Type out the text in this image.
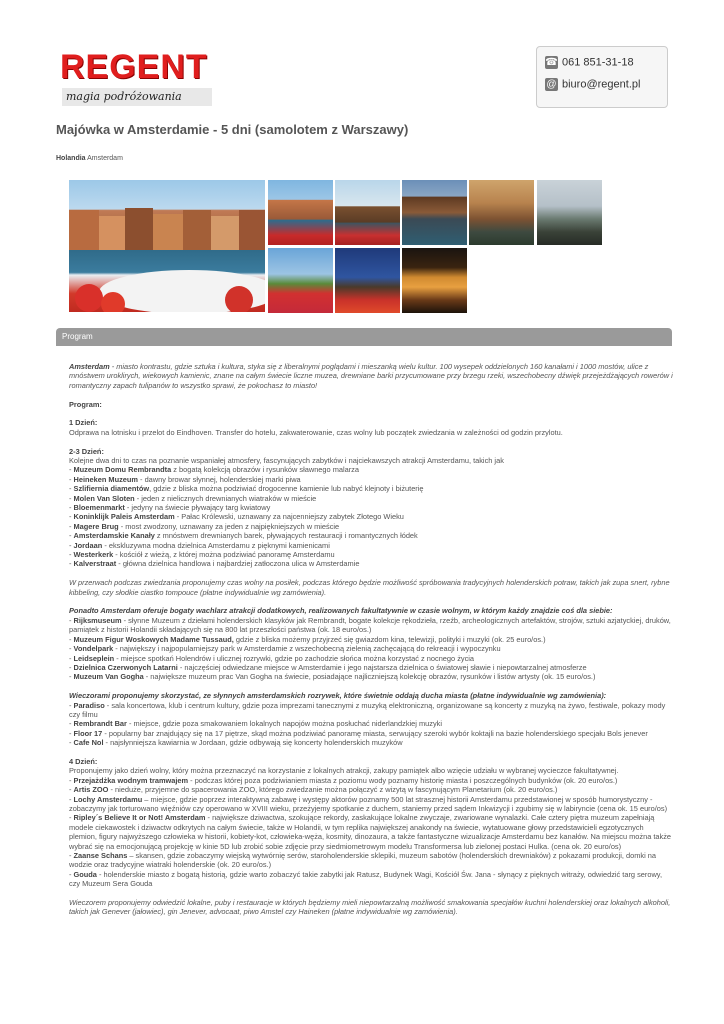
REGENT
magia podróżowania
☎ 061 851-31-18
@ biuro@regent.pl
Majówka w Amsterdamie - 5 dni (samolotem z Warszawy)
Holandia Amsterdam
Program

Amsterdam - miasto kontrastu, gdzie sztuka i kultura, styka się z liberalnymi poglądami i mieszanką wielu kultur. 100 wysepek oddzielonych 160 kanałami i 1000 mostów, ulice z mnóstwem uroklirych, wiekowych kamienic, znane na całym świecie liczne muzea, drewniane barki przycumowane przy brzegu rzeki, wszechobecny dźwięk przejeżdżających rowerów i romantyczny zapach tulipanów to wszystko sprawi, że pokochasz to miasto!

Program:

1 Dzień:

Odprawa na lotnisku i przelot do Eindhoven. Transfer do hotelu, zakwaterowanie, czas wolny lub początek zwiedzania w zależności od godzin przylotu.

2-3 Dzień:

Kolejne dwa dni to czas na poznanie wspaniałej atmosfery, fascynujących zabytków i najciekawszych atrakcji Amsterdamu, takich jak

- Muzeum Domu Rembrandta z bogatą kolekcją obrazów i rysunków sławnego malarza

- Heineken Muzeum - dawny browar słynnej, holenderskiej marki piwa

- Szlifiernia diamentów, gdzie z bliska można podziwiać drogocenne kamienie lub nabyć klejnoty i biżuterię

- Molen Van Sloten - jeden z nielicznych drewnianych wiatraków w mieście

- Bloemenmarkt - jedyny na świecie pływający targ kwiatowy

- Koninklijk Paleis Amsterdam - Pałac Królewski, uznawany za najcenniejszy zabytek Złotego Wieku

- Magere Brug - most zwodzony, uznawany za jeden z najpiękniejszych w mieście

- Amsterdamskie Kanały z mnóstwem drewnianych barek, pływających restauracji i romantycznych łódek

- Jordaan - ekskluzywna modna dzielnica Amsterdamu z pięknymi kamienicami

- Westerkerk - kościół z wieżą, z której można podziwiać panoramę Amsterdamu

- Kalverstraat - główna dzielnica handlowa i najbardziej zatłoczona ulica w Amsterdamie

W przerwach podczas zwiedzania proponujemy czas wolny na posiłek, podczas którego będzie możliwość spróbowania tradycyjnych holenderskich potraw, takich jak zupa snert, rybne kibbeling, czy słodkie ciastko tompouce (płatne indywidualnie wg zamówienia).

Ponadto Amsterdam oferuje bogaty wachlarz atrakcji dodatkowych, realizowanych fakultatywnie w czasie wolnym, w którym każdy znajdzie coś dla siebie:

- Rijksmuseum - słynne Muzeum z dziełami holenderskich klasyków jak Rembrandt, bogate kolekcje rękodzieła, rzeźb, archeologicznych artefaktów, strojów, sztuki azjatyckiej, druków, pamiątek z historii Holandii składających się na 800 lat przeszłości państwa (ok. 18 euro/os.)

- Muzeum Figur Woskowych Madame Tussaud, gdzie z bliska możemy przyjrzeć się gwiazdom kina, telewizji, polityki i muzyki (ok. 25 euro/os.)

- Vondelpark - największy i najpopularniejszy park w Amsterdamie z wszechobecną zielenią zachęcającą do rekreacji i wypoczynku

- Leidseplein - miejsce spotkań Holendrów i ulicznej rozrywki, gdzie po zachodzie słońca można korzystać z nocnego życia

- Dzielnica Czerwonych Latarni - najczęściej odwiedzane miejsce w Amsterdamie i jego najstarsza dzielnica o światowej sławie i niepowtarzalnej atmosferze

- Muzeum Van Gogha - największe muzeum prac Van Gogha na świecie, posiadające najliczniejszą kolekcję obrazów, rysunków i listów artysty (ok. 15 euro/os.)

Wieczorami proponujemy skorzystać, ze słynnych amsterdamskich rozrywek, które świetnie oddają ducha miasta (płatne indywidualnie wg zamówienia):

- Paradiso - sala koncertowa, klub i centrum kultury, gdzie poza imprezami tanecznymi z muzyką elektroniczną, organizowane są koncerty z muzyką na żywo, festiwale, pokazy mody czy filmu

- Rembrandt Bar - miejsce, gdzie poza smakowaniem lokalnych napojów można posłuchać niderlandzkiej muzyki

- Floor 17 - popularny bar znajdujący się na 17 piętrze, skąd można podziwiać panoramę miasta, serwujący szeroki wybór koktajli na bazie holenderskiego specjału Bols jenever

- Cafe Nol - najsłynniejsza kawiarnia w Jordaan, gdzie odbywają się koncerty holenderskich muzyków

4 Dzień:

Proponujemy jako dzień wolny, który można przeznaczyć na korzystanie z lokalnych atrakcji, zakupy pamiątek albo wzięcie udziału w wybranej wycieczce fakultatywnej.

- Przejażdżka wodnym tramwajem - podczas której poza podziwianiem miasta z poziomu wody poznamy historię miasta i poszczególnych budynków (ok. 20 euro/os.)

- Artis ZOO - nieduże, przyjemne do spacerowania ZOO, którego zwiedzanie można połączyć z wizytą w fascynującym Planetarium (ok. 20 euro/os.)

- Lochy Amsterdamu – miejsce, gdzie poprzez interaktywną zabawę i występy aktorów poznamy 500 lat strasznej historii Amsterdamu przedstawionej w sposób humorystyczny - zobaczymy jak torturowano więźniów czy operowano w XVIII wieku, przeżyjemy spotkanie z duchem, staniemy przed sądem Inkwizycji i zgubimy się w labiryncie (cena ok. 15 euro/os)

- Ripley´s Believe It or Not! Amsterdam - największe dziwactwa, szokujące rekordy, zaskakujące lokalne zwyczaje, zwariowane wynalazki. Całe cztery piętra muzeum zapełniają modele ciekawostek i dziwactw odkrytych na całym świecie, także w Holandii, w tym replika największej anakondy na świecie, wytatuowane głowy przedstawicieli egzotycznych plemion, figury najwyższego człowieka w historii, kobiety-kot, człowieka-węża, kosmity, dinozaura, a także fantastyczne wizualizacje Amsterdamu bez kanałów. Na miejscu można także wybrać się na emocjonującą projekcję w kinie 5D lub zrobić sobie zdjęcie przy siedmiometrowym modelu Transformersa lub zielonej postaci Hulka. (cena ok. 20 euro/os)

- Zaanse Schans – skansen, gdzie zobaczymy wiejską wytwórnię serów, staroholenderskie sklepiki, muzeum sabotów (holenderskich drewniaków) z pokazami produkcji, domki na wodzie oraz tradycyjne wiatraki holenderskie (ok. 20 euro/os.)

- Gouda - holenderskie miasto z bogatą historią, gdzie warto zobaczyć takie zabytki jak Ratusz, Budynek Wagi, Kościół Św. Jana - słynący z pięknych witraży, odwiedzić targ serowy, czy Muzeum Sera Gouda

Wieczorem proponujemy odwiedzić lokalne, puby i restauracje w których będziemy mieli niepowtarzalną możliwość smakowania specjałów kuchni holenderskiej oraz lokalnych alkoholi, takich jak Genever (jałowiec), gin Jenever, advocaat, piwo Amstel czy Haineken (płatne indywidualnie wg zamówienia).
